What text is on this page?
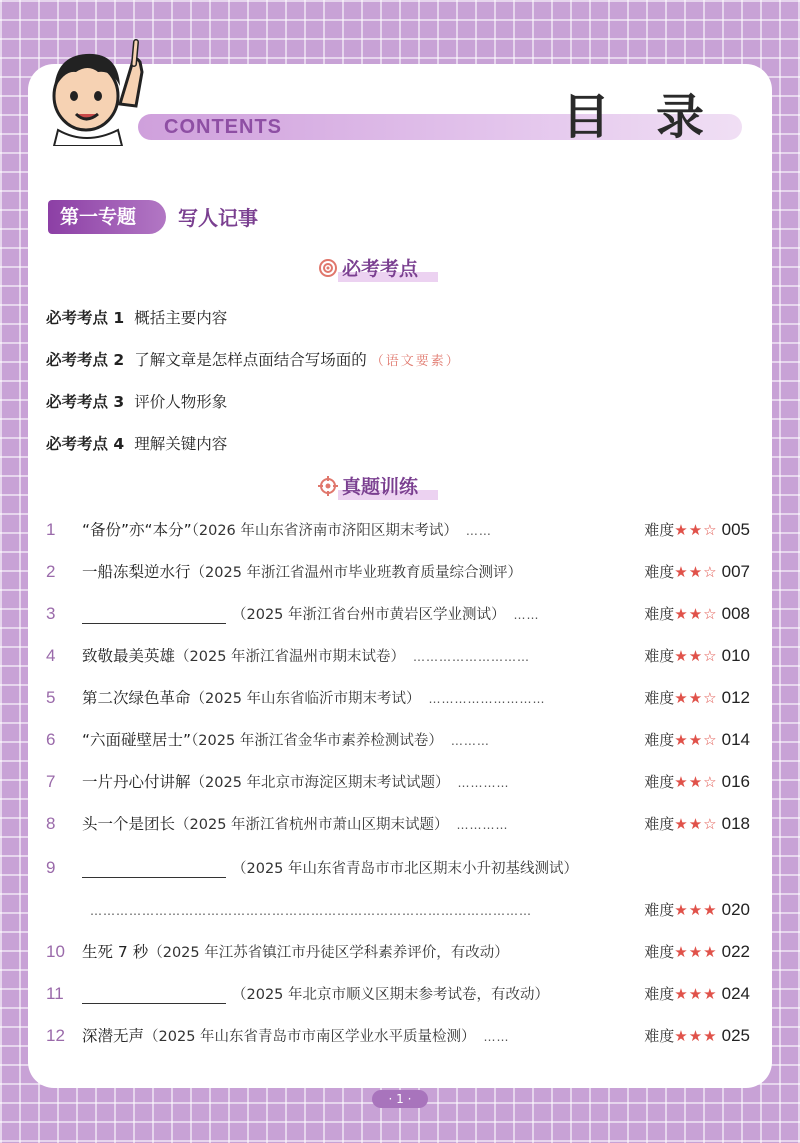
CONTENTS	目录
第一专题	写人记事
必考考点
必考考点 1 概括主要内容
必考考点 2 了解文章是怎样点面结合写场面的 （语文要素）
必考考点 3 评价人物形象
必考考点 4 理解关键内容
真题训练
1	“备份”亦“本分”（2026 年山东省济南市济阳区期末考试） ……	难度★★☆ 005
2	一船冻梨逆水行（2025 年浙江省温州市毕业班教育质量综合测评）	难度★★☆ 007
3	（2025 年浙江省台州市黄岩区学业测试） ……	难度★★☆ 008
4	致敬最美英雄（2025 年浙江省温州市期末试卷） ………………………	难度★★☆ 010
5	第二次绿色革命（2025 年山东省临沂市期末考试） ………………………	难度★★☆ 012
6	“六面碰壁居士”（2025 年浙江省金华市素养检测试卷） ………	难度★★☆ 014
7	一片丹心付讲解（2025 年北京市海淀区期末考试试题） …………	难度★★☆ 016
8	头一个是团长（2025 年浙江省杭州市萧山区期末试题） …………	难度★★☆ 018
9	（2025 年山东省青岛市市北区期末小升初基线测试）
…………………………………………………………………………………………	难度★★★ 020
10	生死 7 秒（2025 年江苏省镇江市丹徒区学科素养评价，有改动）	难度★★★ 022
11	（2025 年北京市顺义区期末参考试卷，有改动）	难度★★★ 024
12	深潜无声（2025 年山东省青岛市市南区学业水平质量检测） ……	难度★★★ 025
· 1 ·
